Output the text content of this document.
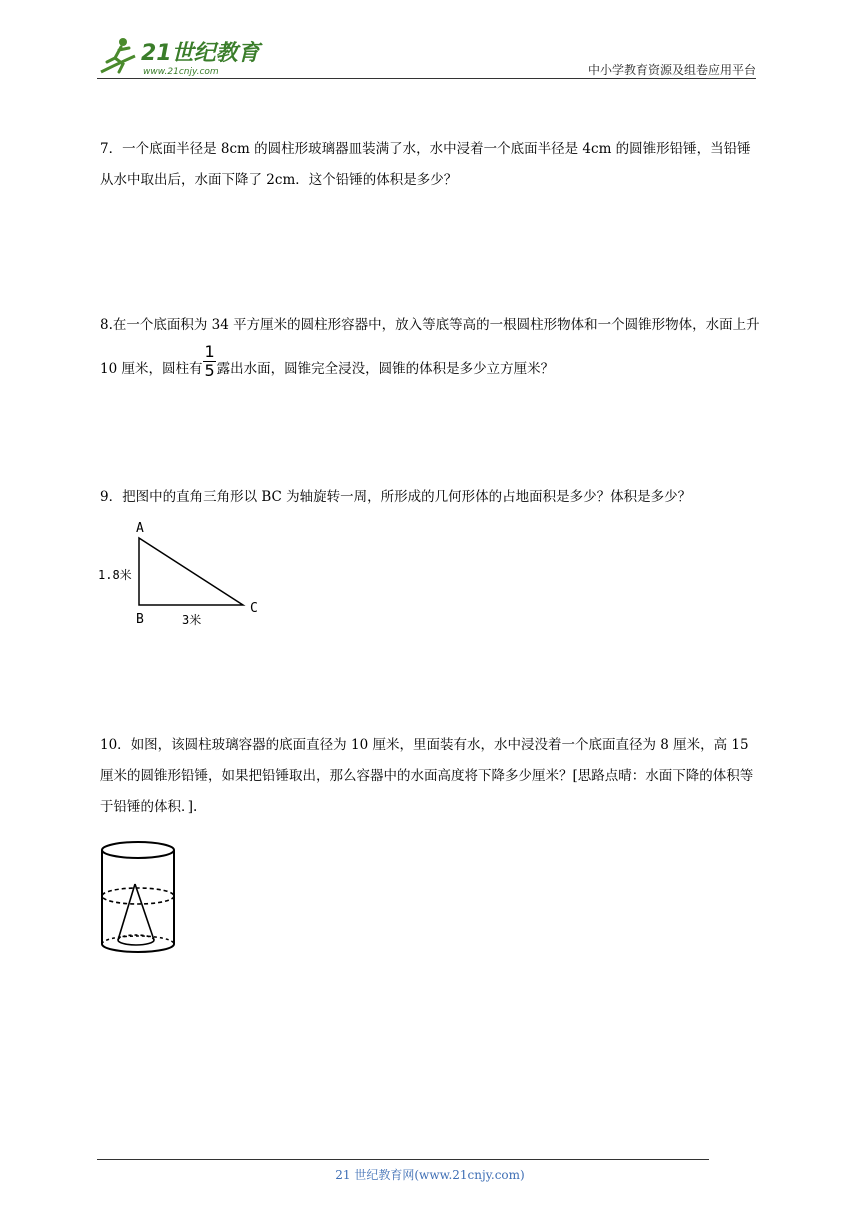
21世纪教育
www.21cnjy.com	中小学教育资源及组卷应用平台
7．一个底面半径是 8cm 的圆柱形玻璃器皿装满了水，水中浸着一个底面半径是 4cm 的圆锥形铅锤，当铅锤从水中取出后，水面下降了 2cm．这个铅锤的体积是多少？
8.在一个底面积为 34 平方厘米的圆柱形容器中，放入等底等高的一根圆柱形物体和一个圆锥形物体，水面上升 10 厘米，圆柱有 $\frac{1}{5}$ 露出水面，圆锥完全浸没，圆锥的体积是多少立方厘米？
9．把图中的直角三角形以 BC 为轴旋转一周，所形成的几何形体的占地面积是多少？体积是多少？
A
B
C
1.8米
3米
10．如图，该圆柱玻璃容器的底面直径为 10 厘米，里面装有水，水中浸没着一个底面直径为 8 厘米，高 15 厘米的圆锥形铅锤，如果把铅锤取出，那么容器中的水面高度将下降多少厘米？[思路点晴：水面下降的体积等于铅锤的体积．].
21 世纪教育网(www.21cnjy.com)
